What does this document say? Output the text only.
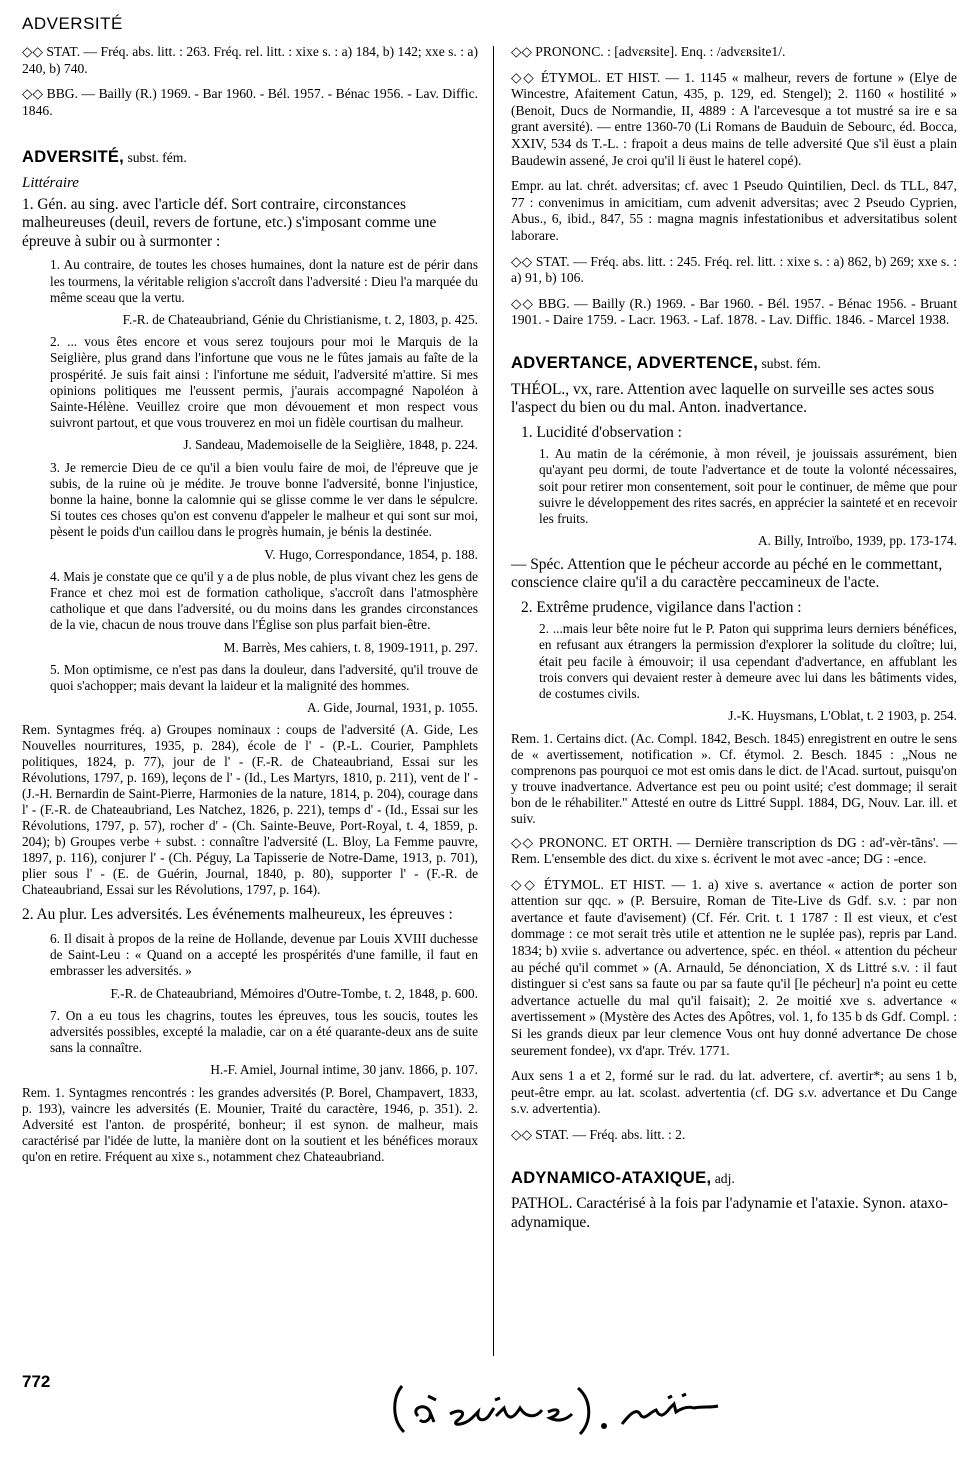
ADVERSITÉ

◇◇ STAT. — Fréq. abs. litt. : 263. Fréq. rel. litt. : xixe s. : a) 184, b) 142; xxe s. : a) 240, b) 740.

◇◇ BBG. — Bailly (R.) 1969. - Bar 1960. - Bél. 1957. - Bénac 1956. - Lav. Diffic. 1846.

ADVERSITÉ, subst. fém.

Littéraire

1. Gén. au sing. avec l'article déf. Sort contraire, circonstances malheureuses (deuil, revers de fortune, etc.) s'imposant comme une épreuve à subir ou à surmonter :

1. Au contraire, de toutes les choses humaines, dont la nature est de périr dans les tourmens, la véritable religion s'accroît dans l'adversité : Dieu l'a marquée du même sceau que la vertu.

F.-R. de Chateaubriand, Génie du Christianisme, t. 2, 1803, p. 425.

2. ... vous êtes encore et vous serez toujours pour moi le Marquis de la Seiglière, plus grand dans l'infortune que vous ne le fûtes jamais au faîte de la prospérité. Je suis fait ainsi : l'infortune me séduit, l'adversité m'attire. Si mes opinions politiques me l'eussent permis, j'aurais accompagné Napoléon à Sainte-Hélène. Veuillez croire que mon dévouement et mon respect vous suivront partout, et que vous trouverez en moi un fidèle courtisan du malheur.

J. Sandeau, Mademoiselle de la Seiglière, 1848, p. 224.

3. Je remercie Dieu de ce qu'il a bien voulu faire de moi, de l'épreuve que je subis, de la ruine où je médite. Je trouve bonne l'adversité, bonne l'injustice, bonne la haine, bonne la calomnie qui se glisse comme le ver dans le sépulcre. Si toutes ces choses qu'on est convenu d'appeler le malheur et qui sont sur moi, pèsent le poids d'un caillou dans le progrès humain, je bénis la destinée.

V. Hugo, Correspondance, 1854, p. 188.

4. Mais je constate que ce qu'il y a de plus noble, de plus vivant chez les gens de France et chez moi est de formation catholique, s'accroît dans l'atmosphère catholique et que dans l'adversité, ou du moins dans les grandes circonstances de la vie, chacun de nous trouve dans l'Église son plus parfait bien-être.

M. Barrès, Mes cahiers, t. 8, 1909-1911, p. 297.

5. Mon optimisme, ce n'est pas dans la douleur, dans l'adversité, qu'il trouve de quoi s'achopper; mais devant la laideur et la malignité des hommes.

A. Gide, Journal, 1931, p. 1055.

Rem. Syntagmes fréq. a) Groupes nominaux : coups de l'adversité (A. Gide, Les Nouvelles nourritures, 1935, p. 284), école de l' - (P.-L. Courier, Pamphlets politiques, 1824, p. 77), jour de l' - (F.-R. de Chateaubriand, Essai sur les Révolutions, 1797, p. 169), leçons de l' - (Id., Les Martyrs, 1810, p. 211), vent de l' - (J.-H. Bernardin de Saint-Pierre, Harmonies de la nature, 1814, p. 204), courage dans l' - (F.-R. de Chateaubriand, Les Natchez, 1826, p. 221), temps d' - (Id., Essai sur les Révolutions, 1797, p. 57), rocher d' - (Ch. Sainte-Beuve, Port-Royal, t. 4, 1859, p. 204); b) Groupes verbe + subst. : connaître l'adversité (L. Bloy, La Femme pauvre, 1897, p. 116), conjurer l' - (Ch. Péguy, La Tapisserie de Notre-Dame, 1913, p. 701), plier sous l' - (E. de Guérin, Journal, 1840, p. 80), supporter l' - (F.-R. de Chateaubriand, Essai sur les Révolutions, 1797, p. 164).

2. Au plur. Les adversités. Les événements malheureux, les épreuves :

6. Il disait à propos de la reine de Hollande, devenue par Louis XVIII duchesse de Saint-Leu : « Quand on a accepté les prospérités d'une famille, il faut en embrasser les adversités. »

F.-R. de Chateaubriand, Mémoires d'Outre-Tombe, t. 2, 1848, p. 600.

7. On a eu tous les chagrins, toutes les épreuves, tous les soucis, toutes les adversités possibles, excepté la maladie, car on a été quarante-deux ans de suite sans la connaître.

H.-F. Amiel, Journal intime, 30 janv. 1866, p. 107.

Rem. 1. Syntagmes rencontrés : les grandes adversités (P. Borel, Champavert, 1833, p. 193), vaincre les adversités (E. Mounier, Traité du caractère, 1946, p. 351). 2. Adversité est l'anton. de prospérité, bonheur; il est synon. de malheur, mais caractérisé par l'idée de lutte, la manière dont on la soutient et les bénéfices moraux qu'on en retire. Fréquent au xixe s., notamment chez Chateaubriand.

◇◇ PRONONC. : [advεʀsite]. Enq. : /advεʀsite1/.

◇◇ ÉTYMOL. ET HIST. — 1. 1145 « malheur, revers de fortune » (Elye de Wincestre, Afaitement Catun, 435, p. 129, ed. Stengel); 2. 1160 « hostilité » (Benoit, Ducs de Normandie, II, 4889 : A l'arcevesque a tot mustré sa ire e sa grant aversité). — entre 1360-70 (Li Romans de Bauduin de Sebourc, éd. Bocca, XXIV, 534 ds T.-L. : frapoit a deus mains de telle adversité Que s'il ëust a plain Baudewin assené, Je croi qu'il li ëust le haterel copé).

Empr. au lat. chrét. adversitas; cf. avec 1 Pseudo Quintilien, Decl. ds TLL, 847, 77 : convenimus in amicitiam, cum advenit adversitas; avec 2 Pseudo Cyprien, Abus., 6, ibid., 847, 55 : magna magnis infestationibus et adversitatibus solent laborare.

◇◇ STAT. — Fréq. abs. litt. : 245. Fréq. rel. litt. : xixe s. : a) 862, b) 269; xxe s. : a) 91, b) 106.

◇◇ BBG. — Bailly (R.) 1969. - Bar 1960. - Bél. 1957. - Bénac 1956. - Bruant 1901. - Daire 1759. - Lacr. 1963. - Laf. 1878. - Lav. Diffic. 1846. - Marcel 1938.

ADVERTANCE, ADVERTENCE, subst. fém.

THÉOL., vx, rare. Attention avec laquelle on surveille ses actes sous l'aspect du bien ou du mal. Anton. inadvertance.

1. Lucidité d'observation :

1. Au matin de la cérémonie, à mon réveil, je jouissais assurément, bien qu'ayant peu dormi, de toute l'advertance et de toute la volonté nécessaires, soit pour retirer mon consentement, soit pour le continuer, de même que pour suivre le développement des rites sacrés, en apprécier la sainteté et en recevoir les fruits.

A. Billy, Introïbo, 1939, pp. 173-174.

— Spéc. Attention que le pécheur accorde au péché en le commettant, conscience claire qu'il a du caractère peccamineux de l'acte.

2. Extrême prudence, vigilance dans l'action :

2. ...mais leur bête noire fut le P. Paton qui supprima leurs derniers bénéfices, en refusant aux étrangers la permission d'explorer la solitude du cloître; lui, était peu facile à émouvoir; il usa cependant d'advertance, en affublant les trois convers qui devaient rester à demeure avec lui dans les bâtiments vides, de costumes civils.

J.-K. Huysmans, L'Oblat, t. 2 1903, p. 254.

Rem. 1. Certains dict. (Ac. Compl. 1842, Besch. 1845) enregistrent en outre le sens de « avertissement, notification ». Cf. étymol. 2. Besch. 1845 : „Nous ne comprenons pas pourquoi ce mot est omis dans le dict. de l'Acad. surtout, puisqu'on y trouve inadvertance. Advertance est peu ou point usité; c'est dommage; il serait bon de le réhabiliter." Attesté en outre ds Littré Suppl. 1884, DG, Nouv. Lar. ill. et suiv.

◇◇ PRONONC. ET ORTH. — Dernière transcription ds DG : ad'-vèr-tãns'. — Rem. L'ensemble des dict. du xixe s. écrivent le mot avec -ance; DG : -ence.

◇◇ ÉTYMOL. ET HIST. — 1. a) xive s. avertance « action de porter son attention sur qqc. » (P. Bersuire, Roman de Tite-Live ds Gdf. s.v. : par non avertance et faute d'avisement) (Cf. Fér. Crit. t. 1 1787 : Il est vieux, et c'est dommage : ce mot serait très utile et attention ne le suplée pas), repris par Land. 1834; b) xviie s. advertance ou advertence, spéc. en théol. « attention du pécheur au péché qu'il commet » (A. Arnauld, 5e dénonciation, X ds Littré s.v. : il faut distinguer si c'est sans sa faute ou par sa faute qu'il [le pécheur] n'a point eu cette advertance actuelle du mal qu'il faisait); 2. 2e moitié xve s. advertance « avertissement » (Mystère des Actes des Apôtres, vol. 1, fo 135 b ds Gdf. Compl. : Si les grands dieux par leur clemence Vous ont huy donné advertance De chose seurement fondee), vx d'apr. Trév. 1771.

Aux sens 1 a et 2, formé sur le rad. du lat. advertere, cf. avertir*; au sens 1 b, peut-être empr. au lat. scolast. advertentia (cf. DG s.v. advertance et Du Cange s.v. advertentia).

◇◇ STAT. — Fréq. abs. litt. : 2.

ADYNAMICO-ATAXIQUE, adj.

PATHOL. Caractérisé à la fois par l'adynamie et l'ataxie. Synon. ataxo-adynamique.

772
